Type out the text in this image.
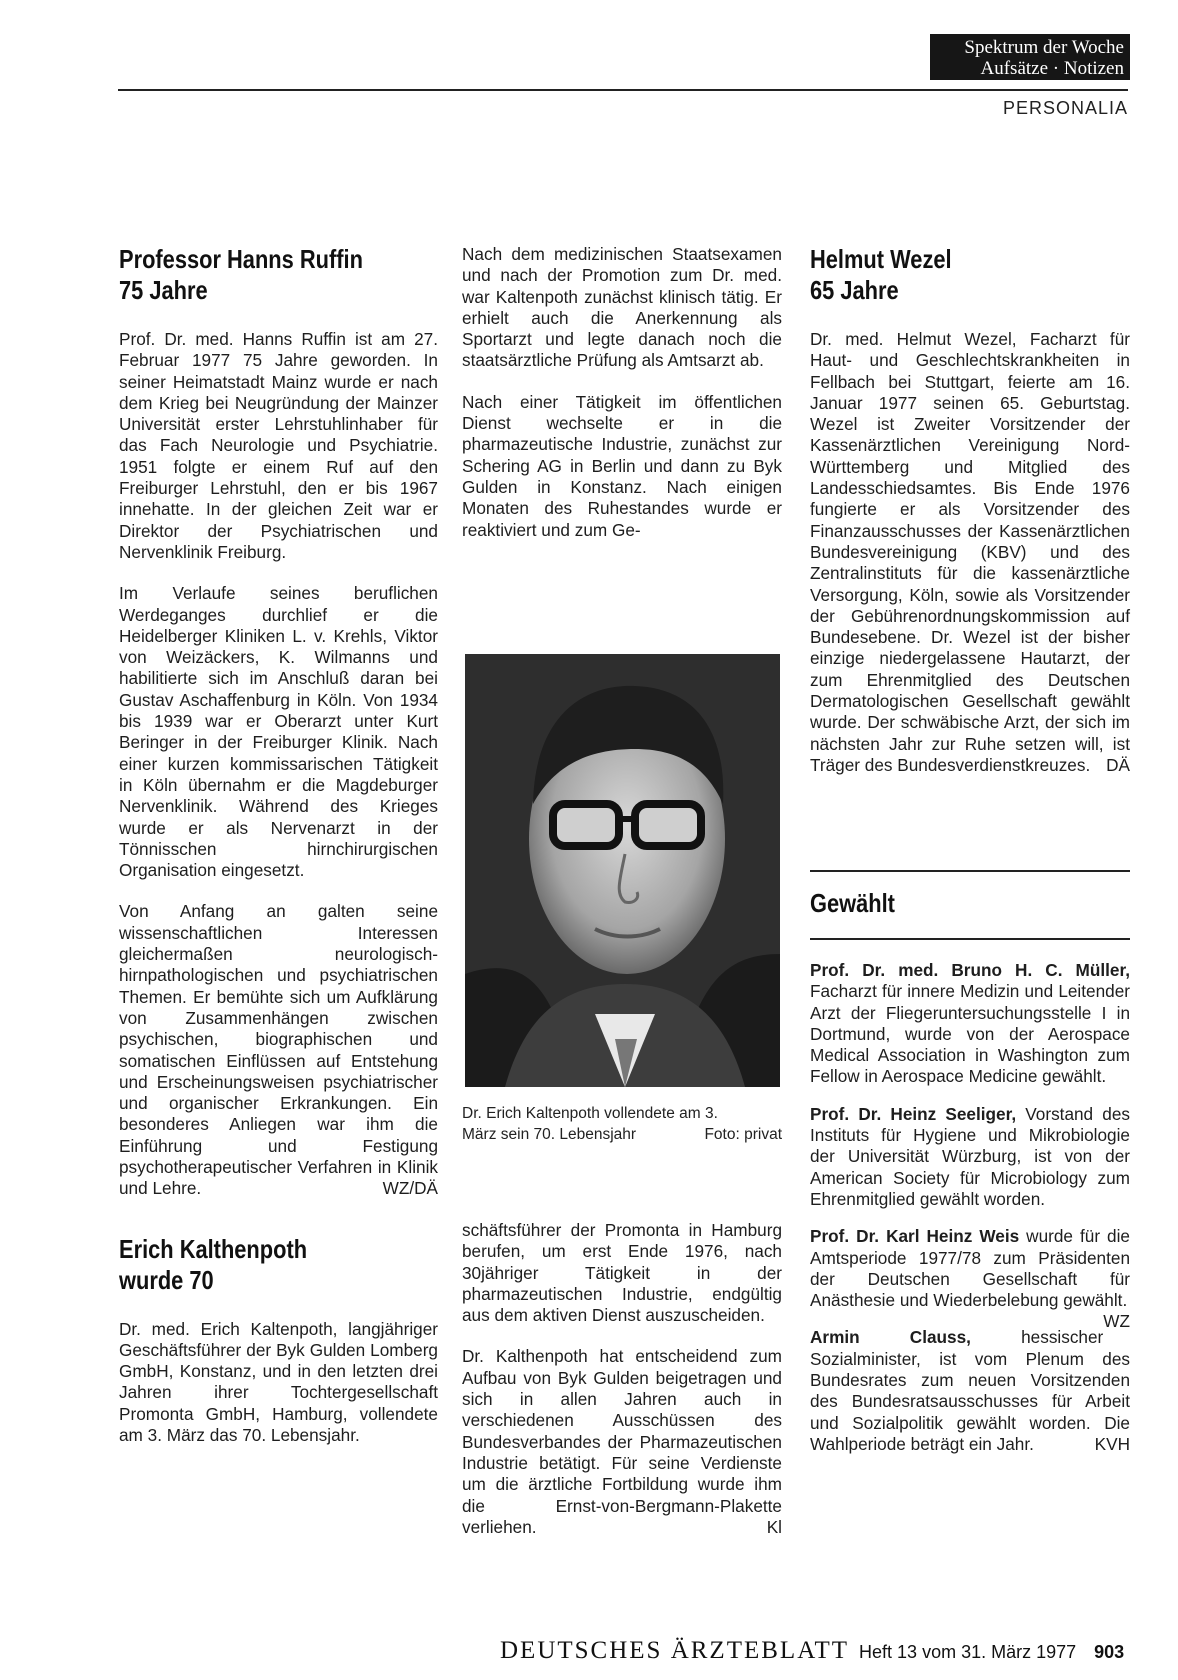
Spektrum der Woche
Aufsätze · Notizen
PERSONALIA
Professor Hanns Ruffin
75 Jahre

Prof. Dr. med. Hanns Ruffin ist am 27. Februar 1977 75 Jahre geworden. In seiner Heimatstadt Mainz wurde er nach dem Krieg bei Neugründung der Mainzer Universität erster Lehrstuhlinhaber für das Fach Neurologie und Psychiatrie. 1951 folgte er einem Ruf auf den Freiburger Lehrstuhl, den er bis 1967 innehatte. In der gleichen Zeit war er Direktor der Psychiatrischen und Nervenklinik Freiburg.

Im Verlaufe seines beruflichen Werdeganges durchlief er die Heidelberger Kliniken L. v. Krehls, Viktor von Weizäckers, K. Wilmanns und habilitierte sich im Anschluß daran bei Gustav Aschaffenburg in Köln. Von 1934 bis 1939 war er Oberarzt unter Kurt Beringer in der Freiburger Klinik. Nach einer kurzen kommissarischen Tätigkeit in Köln übernahm er die Magdeburger Nervenklinik. Während des Krieges wurde er als Nervenarzt in der Tönnisschen hirnchirurgischen Organisation eingesetzt.

Von Anfang an galten seine wissenschaftlichen Interessen gleichermaßen neurologisch-hirnpathologischen und psychiatrischen Themen. Er bemühte sich um Aufklärung von Zusammenhängen zwischen psychischen, biographischen und somatischen Einflüssen auf Entstehung und Erscheinungsweisen psychiatrischer und organischer Erkrankungen. Ein besonderes Anliegen war ihm die Einführung und Festigung psychotherapeutischer Verfahren in Klinik und Lehre.	WZ/DÄ

Erich Kalthenpoth
wurde 70

Dr. med. Erich Kaltenpoth, langjähriger Geschäftsführer der Byk Gulden Lomberg GmbH, Konstanz, und in den letzten drei Jahren ihrer Tochtergesellschaft Promonta GmbH, Hamburg, vollendete am 3. März das 70. Lebensjahr.

Nach dem medizinischen Staatsexamen und nach der Promotion zum Dr. med. war Kaltenpoth zunächst klinisch tätig. Er erhielt auch die Anerkennung als Sportarzt und legte danach noch die staatsärztliche Prüfung als Amtsarzt ab.

Nach einer Tätigkeit im öffentlichen Dienst wechselte er in die pharmazeutische Industrie, zunächst zur Schering AG in Berlin und dann zu Byk Gulden in Konstanz. Nach einigen Monaten des Ruhestandes wurde er reaktiviert und zum Ge-

Dr. Erich Kaltenpoth vollendete am 3.
März sein 70. Lebensjahr	Foto: privat

schäftsführer der Promonta in Hamburg berufen, um erst Ende 1976, nach 30jähriger Tätigkeit in der pharmazeutischen Industrie, endgültig aus dem aktiven Dienst auszuscheiden.

Dr. Kalthenpoth hat entscheidend zum Aufbau von Byk Gulden beigetragen und sich in allen Jahren auch in verschiedenen Ausschüssen des Bundesverbandes der Pharmazeutischen Industrie betätigt. Für seine Verdienste um die ärztliche Fortbildung wurde ihm die Ernst-von-Bergmann-Plakette verliehen.	Kl

Helmut Wezel
65 Jahre

Dr. med. Helmut Wezel, Facharzt für Haut- und Geschlechtskrankheiten in Fellbach bei Stuttgart, feierte am 16. Januar 1977 seinen 65. Geburtstag. Wezel ist Zweiter Vorsitzender der Kassenärztlichen Vereinigung Nord-Württemberg und Mitglied des Landesschiedsamtes. Bis Ende 1976 fungierte er als Vorsitzender des Finanzausschusses der Kassenärztlichen Bundesvereinigung (KBV) und des Zentralinstituts für die kassenärztliche Versorgung, Köln, sowie als Vorsitzender der Gebührenordnungskommission auf Bundesebene. Dr. Wezel ist der bisher einzige niedergelassene Hautarzt, der zum Ehrenmitglied des Deutschen Dermatologischen Gesellschaft gewählt wurde. Der schwäbische Arzt, der sich im nächsten Jahr zur Ruhe setzen will, ist Träger des Bundesverdienstkreuzes. DÄ

Gewählt

Prof. Dr. med. Bruno H. C. Müller, Facharzt für innere Medizin und Leitender Arzt der Fliegeruntersuchungsstelle I in Dortmund, wurde von der Aerospace Medical Association in Washington zum Fellow in Aerospace Medicine gewählt.

Prof. Dr. Heinz Seeliger, Vorstand des Instituts für Hygiene und Mikrobiologie der Universität Würzburg, ist von der American Society für Microbiology zum Ehrenmitglied gewählt worden.

Prof. Dr. Karl Heinz Weis wurde für die Amtsperiode 1977/78 zum Präsidenten der Deutschen Gesellschaft für Anästhesie und Wiederbelebung gewählt.
WZ

Armin Clauss, hessischer Sozialminister, ist vom Plenum des Bundesrates zum neuen Vorsitzenden des Bundesratsausschusses für Arbeit und Sozialpolitik gewählt worden. Die Wahlperiode beträgt ein Jahr.	KVH

DEUTSCHES ÄRZTEBLATT Heft 13 vom 31. März 1977 903
